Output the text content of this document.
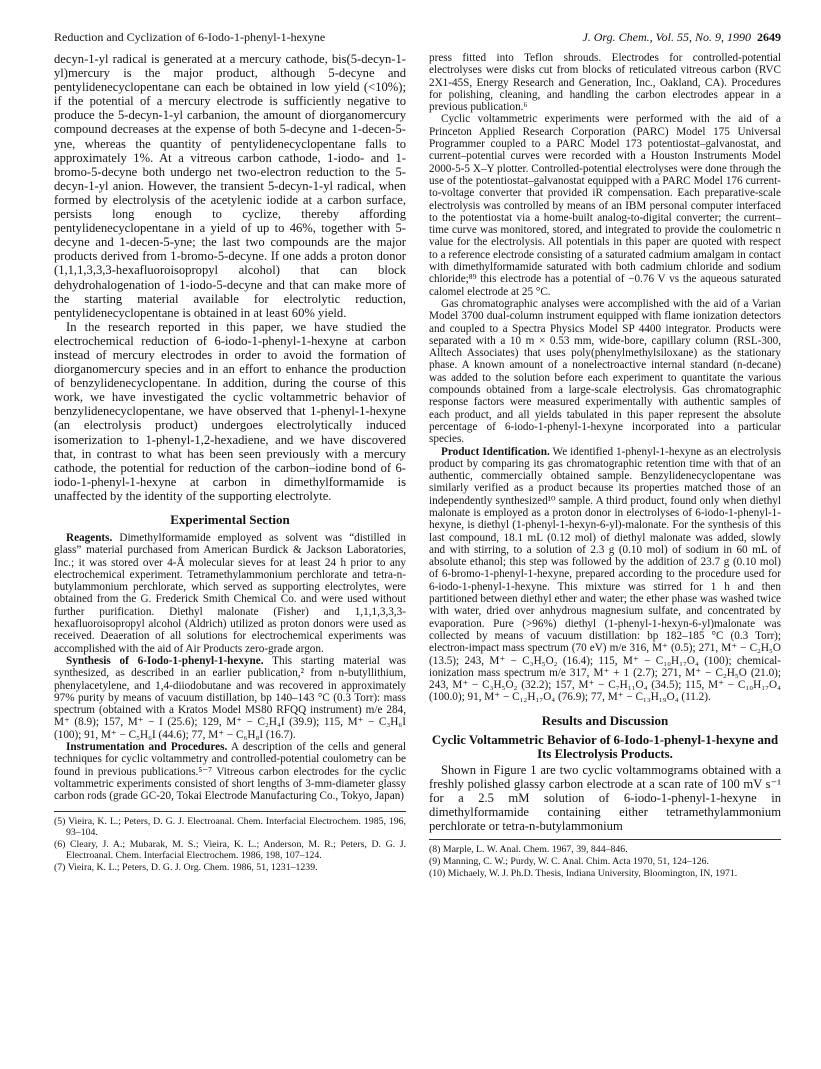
Reduction and Cyclization of 6-Iodo-1-phenyl-1-hexyne	J. Org. Chem., Vol. 55, No. 9, 1990 2649

decyn-1-yl radical is generated at a mercury cathode, bis(5-decyn-1-yl)mercury is the major product, although 5-decyne and pentylidenecyclopentane can each be obtained in low yield (<10%); if the potential of a mercury electrode is sufficiently negative to produce the 5-decyn-1-yl carbanion, the amount of diorganomercury compound decreases at the expense of both 5-decyne and 1-decen-5-yne, whereas the quantity of pentylidenecyclopentane falls to approximately 1%. At a vitreous carbon cathode, 1-iodo- and 1-bromo-5-decyne both undergo net two-electron reduction to the 5-decyn-1-yl anion. However, the transient 5-decyn-1-yl radical, when formed by electrolysis of the acetylenic iodide at a carbon surface, persists long enough to cyclize, thereby affording pentylidenecyclopentane in a yield of up to 46%, together with 5-decyne and 1-decen-5-yne; the last two compounds are the major products derived from 1-bromo-5-decyne. If one adds a proton donor (1,1,1,3,3,3-hexafluoroisopropyl alcohol) that can block dehydrohalogenation of 1-iodo-5-decyne and that can make more of the starting material available for electrolytic reduction, pentylidenecyclopentane is obtained in at least 60% yield.

In the research reported in this paper, we have studied the electrochemical reduction of 6-iodo-1-phenyl-1-hexyne at carbon instead of mercury electrodes in order to avoid the formation of diorganomercury species and in an effort to enhance the production of benzylidenecyclopentane. In addition, during the course of this work, we have investigated the cyclic voltammetric behavior of benzylidenecyclopentane, we have observed that 1-phenyl-1-hexyne (an electrolysis product) undergoes electrolytically induced isomerization to 1-phenyl-1,2-hexadiene, and we have discovered that, in contrast to what has been seen previously with a mercury cathode, the potential for reduction of the carbon–iodine bond of 6-iodo-1-phenyl-1-hexyne at carbon in dimethylformamide is unaffected by the identity of the supporting electrolyte.

Experimental Section

Reagents. Dimethylformamide employed as solvent was “distilled in glass” material purchased from American Burdick & Jackson Laboratories, Inc.; it was stored over 4-Å molecular sieves for at least 24 h prior to any electrochemical experiment. Tetramethylammonium perchlorate and tetra-n-butylammonium perchlorate, which served as supporting electrolytes, were obtained from the G. Frederick Smith Chemical Co. and were used without further purification. Diethyl malonate (Fisher) and 1,1,1,3,3,3-hexafluoroisopropyl alcohol (Aldrich) utilized as proton donors were used as received. Deaeration of all solutions for electrochemical experiments was accomplished with the aid of Air Products zero-grade argon.

Synthesis of 6-Iodo-1-phenyl-1-hexyne. This starting material was synthesized, as described in an earlier publication,² from n-butyllithium, phenylacetylene, and 1,4-diiodobutane and was recovered in approximately 97% purity by means of vacuum distillation, bp 140–143 °C (0.3 Torr): mass spectrum (obtained with a Kratos Model MS80 RFQQ instrument) m/e 284, M⁺ (8.9); 157, M⁺ − I (25.6); 129, M⁺ − C₂H₄I (39.9); 115, M⁺ − C₃H₆I (100); 91, M⁺ − C₅H₆I (44.6); 77, M⁺ − C₆H₈I (16.7).

Instrumentation and Procedures. A description of the cells and general techniques for cyclic voltammetry and controlled-potential coulometry can be found in previous publications.⁵⁻⁷ Vitreous carbon electrodes for the cyclic voltammetric experiments consisted of short lengths of 3-mm-diameter glassy carbon rods (grade GC-20, Tokai Electrode Manufacturing Co., Tokyo, Japan)

(5) Vieira, K. L.; Peters, D. G. J. Electroanal. Chem. Interfacial Electrochem. 1985, 196, 93–104.

(6) Cleary, J. A.; Mubarak, M. S.; Vieira, K. L.; Anderson, M. R.; Peters, D. G. J. Electroanal. Chem. Interfacial Electrochem. 1986, 198, 107–124.

(7) Vieira, K. L.; Peters, D. G. J. Org. Chem. 1986, 51, 1231–1239.

press fitted into Teflon shrouds. Electrodes for controlled-potential electrolyses were disks cut from blocks of reticulated vitreous carbon (RVC 2X1-45S, Energy Research and Generation, Inc., Oakland, CA). Procedures for polishing, cleaning, and handling the carbon electrodes appear in a previous publication.⁶

Cyclic voltammetric experiments were performed with the aid of a Princeton Applied Research Corporation (PARC) Model 175 Universal Programmer coupled to a PARC Model 173 potentiostat–galvanostat, and current–potential curves were recorded with a Houston Instruments Model 2000-5-5 X–Y plotter. Controlled-potential electrolyses were done through the use of the potentiostat–galvanostat equipped with a PARC Model 176 current-to-voltage converter that provided iR compensation. Each preparative-scale electrolysis was controlled by means of an IBM personal computer interfaced to the potentiostat via a home-built analog-to-digital converter; the current–time curve was monitored, stored, and integrated to provide the coulometric n value for the electrolysis. All potentials in this paper are quoted with respect to a reference electrode consisting of a saturated cadmium amalgam in contact with dimethylformamide saturated with both cadmium chloride and sodium chloride;⁸⁹ this electrode has a potential of −0.76 V vs the aqueous saturated calomel electrode at 25 °C.

Gas chromatographic analyses were accomplished with the aid of a Varian Model 3700 dual-column instrument equipped with flame ionization detectors and coupled to a Spectra Physics Model SP 4400 integrator. Products were separated with a 10 m × 0.53 mm, wide-bore, capillary column (RSL-300, Alltech Associates) that uses poly(phenylmethylsiloxane) as the stationary phase. A known amount of a nonelectroactive internal standard (n-decane) was added to the solution before each experiment to quantitate the various compounds obtained from a large-scale electrolysis. Gas chromatographic response factors were measured experimentally with authentic samples of each product, and all yields tabulated in this paper represent the absolute percentage of 6-iodo-1-phenyl-1-hexyne incorporated into a particular species.

Product Identification. We identified 1-phenyl-1-hexyne as an electrolysis product by comparing its gas chromatographic retention time with that of an authentic, commercially obtained sample. Benzylidenecyclopentane was similarly verified as a product because its properties matched those of an independently synthesized¹⁰ sample. A third product, found only when diethyl malonate is employed as a proton donor in electrolyses of 6-iodo-1-phenyl-1-hexyne, is diethyl (1-phenyl-1-hexyn-6-yl)-malonate. For the synthesis of this last compound, 18.1 mL (0.12 mol) of diethyl malonate was added, slowly and with stirring, to a solution of 2.3 g (0.10 mol) of sodium in 60 mL of absolute ethanol; this step was followed by the addition of 23.7 g (0.10 mol) of 6-bromo-1-phenyl-1-hexyne, prepared according to the procedure used for 6-iodo-1-phenyl-1-hexyne. This mixture was stirred for 1 h and then partitioned between diethyl ether and water; the ether phase was washed twice with water, dried over anhydrous magnesium sulfate, and concentrated by evaporation. Pure (>96%) diethyl (1-phenyl-1-hexyn-6-yl)malonate was collected by means of vacuum distillation: bp 182–185 °C (0.3 Torr); electron-impact mass spectrum (70 eV) m/e 316, M⁺ (0.5); 271, M⁺ − C₂H₅O (13.5); 243, M⁺ − C₃H₅O₂ (16.4); 115, M⁺ − C₁₀H₁₇O₄ (100); chemical-ionization mass spectrum m/e 317, M⁺ + 1 (2.7); 271, M⁺ − C₂H₅O (21.0); 243, M⁺ − C₃H₅O₂ (32.2); 157, M⁺ − C₇H₁₁O₄ (34.5); 115, M⁺ − C₁₀H₁₇O₄ (100.0); 91, M⁺ − C₁₂H₁₇O₄ (76.9); 77, M⁺ − C₁₃H₁₉O₄ (11.2).

Results and Discussion
Cyclic Voltammetric Behavior of 6-Iodo-1-phenyl-1-hexyne and Its Electrolysis Products.

Shown in Figure 1 are two cyclic voltammograms obtained with a freshly polished glassy carbon electrode at a scan rate of 100 mV s⁻¹ for a 2.5 mM solution of 6-iodo-1-phenyl-1-hexyne in dimethylformamide containing either tetramethylammonium perchlorate or tetra-n-butylammonium

(8) Marple, L. W. Anal. Chem. 1967, 39, 844–846.

(9) Manning, C. W.; Purdy, W. C. Anal. Chim. Acta 1970, 51, 124–126.

(10) Michaely, W. J. Ph.D. Thesis, Indiana University, Bloomington, IN, 1971.
